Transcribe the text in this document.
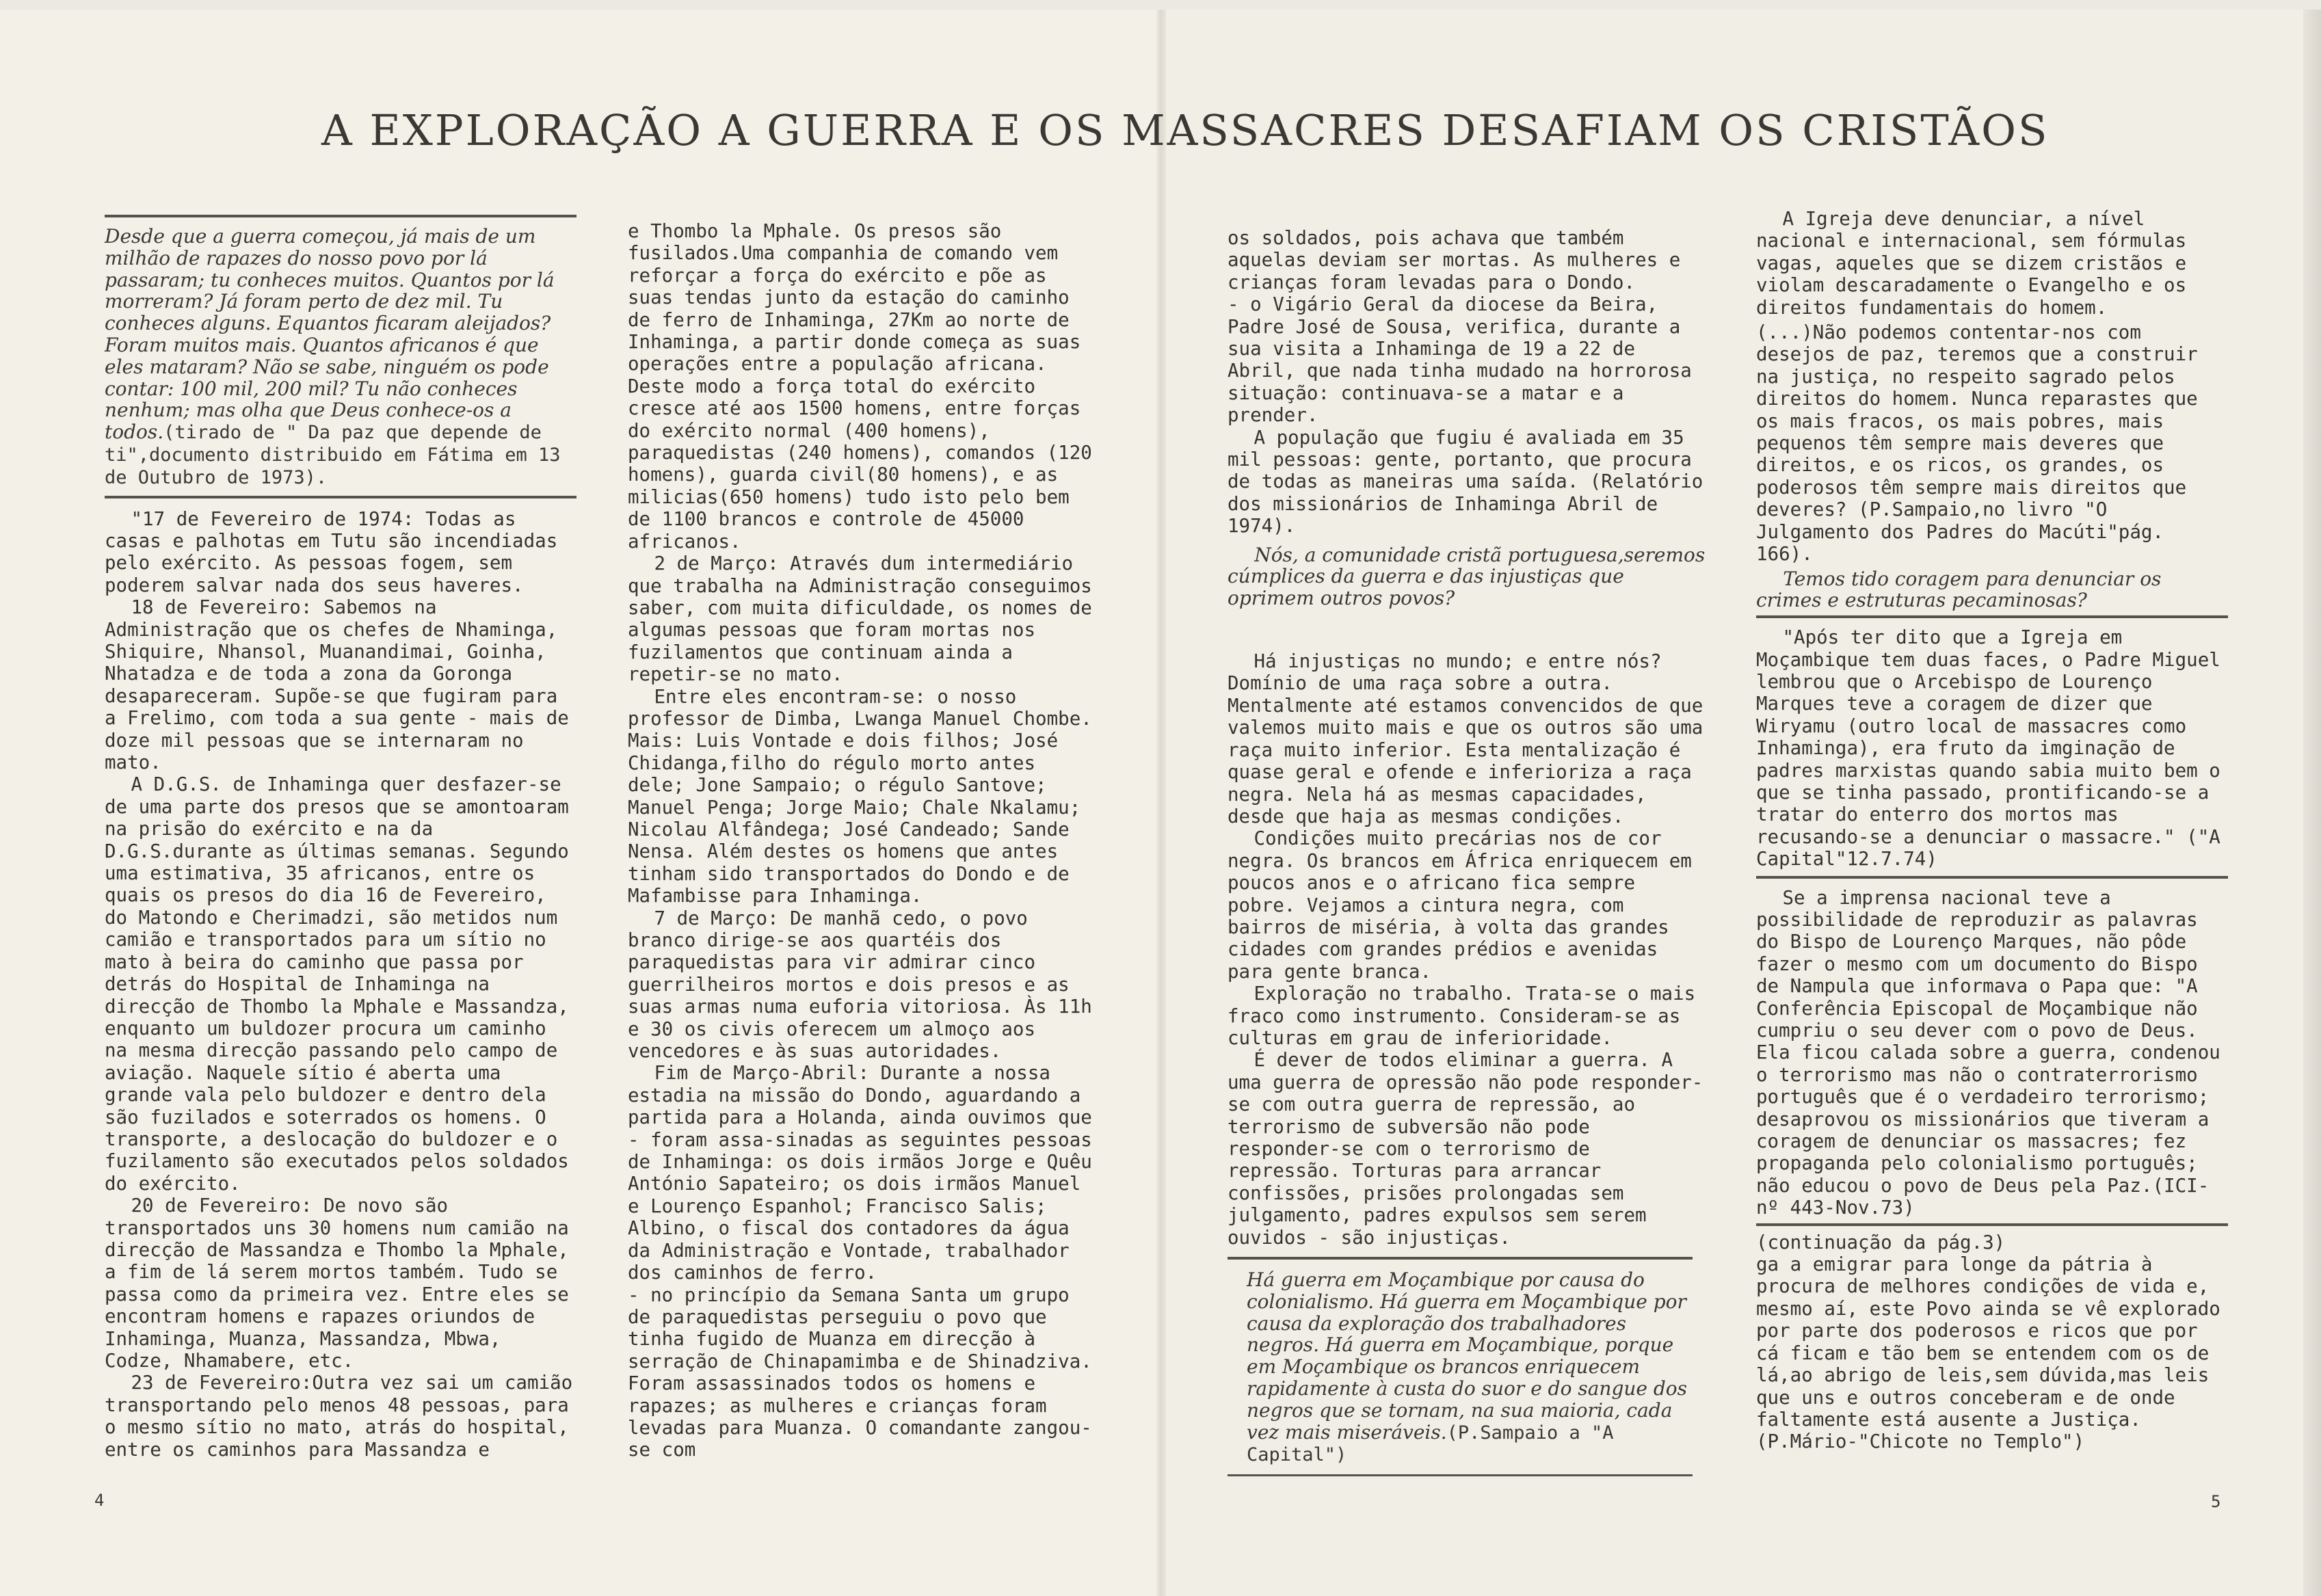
A EXPLORAÇÃO A GUERRA E OS MASSACRES DESAFIAM OS CRISTÃOS
Desde que a guerra começou, já mais de um milhão de rapazes do nosso povo por lá passaram; tu conheces muitos. Quantos por lá morreram? Já foram perto de dez mil. Tu conheces alguns. Equantos ficaram aleijados? Foram muitos mais. Quantos africanos é que eles mataram? Não se sabe, ninguém os pode contar: 100 mil, 200 mil? Tu não conheces nenhum; mas olha que Deus conhece-os a todos.(tirado de " Da paz que depende de ti",documento distribuido em Fátima em 13 de Outubro de 1973).

"17 de Fevereiro de 1974: Todas as casas e palhotas em Tutu são incendiadas pelo exército. As pessoas fogem, sem poderem salvar nada dos seus haveres.

18 de Fevereiro: Sabemos na Administração que os chefes de Nhaminga, Shiquire, Nhansol, Muanandimai, Goinha, Nhatadza e de toda a zona da Goronga desapareceram. Supõe-se que fugiram para a Frelimo, com toda a sua gente - mais de doze mil pessoas que se internaram no mato.

A D.G.S. de Inhaminga quer desfazer-se de uma parte dos presos que se amontoaram na prisão do exército e na da D.G.S.durante as últimas semanas. Segundo uma estimativa, 35 africanos, entre os quais os presos do dia 16 de Fevereiro, do Matondo e Cherimadzi, são metidos num camião e transportados para um sítio no mato à beira do caminho que passa por detrás do Hospital de Inhaminga na direcção de Thombo la Mphale e Massandza, enquanto um buldozer procura um caminho na mesma direcção passando pelo campo de aviação. Naquele sítio é aberta uma grande vala pelo buldozer e dentro dela são fuzilados e soterrados os homens. O transporte, a deslocação do buldozer e o fuzilamento são executados pelos soldados do exército.

20 de Fevereiro: De novo são transportados uns 30 homens num camião na direcção de Massandza e Thombo la Mphale, a fim de lá serem mortos também. Tudo se passa como da primeira vez. Entre eles se encontram homens e rapazes oriundos de Inhaminga, Muanza, Massandza, Mbwa, Codze, Nhamabere, etc.

23 de Fevereiro:Outra vez sai um camião transportando pelo menos 48 pessoas, para o mesmo sítio no mato, atrás do hospital, entre os caminhos para Massandza e

e Thombo la Mphale. Os presos são fusilados.Uma companhia de comando vem reforçar a força do exército e põe as suas tendas junto da estação do caminho de ferro de Inhaminga, 27Km ao norte de Inhaminga, a partir donde começa as suas operações entre a população africana. Deste modo a força total do exército cresce até aos 1500 homens, entre forças do exército normal (400 homens), paraquedistas (240 homens), comandos (120 homens), guarda civil(80 homens), e as milicias(650 homens) tudo isto pelo bem de 1100 brancos e controle de 45000 africanos.

2 de Março: Através dum intermediário que trabalha na Administração conseguimos saber, com muita dificuldade, os nomes de algumas pessoas que foram mortas nos fuzilamentos que continuam ainda a repetir-se no mato.

Entre eles encontram-se: o nosso professor de Dimba, Lwanga Manuel Chombe. Mais: Luis Vontade e dois filhos; José Chidanga,filho do régulo morto antes dele; Jone Sampaio; o régulo Santove; Manuel Penga; Jorge Maio; Chale Nkalamu; Nicolau Alfândega; José Candeado; Sande Nensa. Além destes os homens que antes tinham sido transportados do Dondo e de Mafambisse para Inhaminga.

7 de Março: De manhã cedo, o povo branco dirige-se aos quartéis dos paraquedistas para vir admirar cinco guerrilheiros mortos e dois presos e as suas armas numa euforia vitoriosa. Às 11h e 30 os civis oferecem um almoço aos vencedores e às suas autoridades.

Fim de Março-Abril: Durante a nossa estadia na missão do Dondo, aguardando a partida para a Holanda, ainda ouvimos que - foram assa-sinadas as seguintes pessoas de Inhaminga: os dois irmãos Jorge e Quêu António Sapateiro; os dois irmãos Manuel e Lourenço Espanhol; Francisco Salis; Albino, o fiscal dos contadores da água da Administração e Vontade, trabalhador dos caminhos de ferro.

- no princípio da Semana Santa um grupo de paraquedistas perseguiu o povo que tinha fugido de Muanza em direcção à serração de Chinapamimba e de Shinadziva. Foram assassinados todos os homens e rapazes; as mulheres e crianças foram levadas para Muanza. O comandante zangou-se com

os soldados, pois achava que também aquelas deviam ser mortas. As mulheres e crianças foram levadas para o Dondo.

- o Vigário Geral da diocese da Beira, Padre José de Sousa, verifica, durante a sua visita a Inhaminga de 19 a 22 de Abril, que nada tinha mudado na horrorosa situação: continuava-se a matar e a prender.

A população que fugiu é avaliada em 35 mil pessoas: gente, portanto, que procura de todas as maneiras uma saída. (Relatório dos missionários de Inhaminga Abril de 1974).

Nós, a comunidade cristã portuguesa,seremos cúmplices da guerra e das injustiças que oprimem outros povos?

Há injustiças no mundo; e entre nós? Domínio de uma raça sobre a outra. Mentalmente até estamos convencidos de que valemos muito mais e que os outros são uma raça muito inferior. Esta mentalização é quase geral e ofende e inferioriza a raça negra. Nela há as mesmas capacidades, desde que haja as mesmas condições.

Condições muito precárias nos de cor negra. Os brancos em África enriquecem em poucos anos e o africano fica sempre pobre. Vejamos a cintura negra, com bairros de miséria, à volta das grandes cidades com grandes prédios e avenidas para gente branca.

Exploração no trabalho. Trata-se o mais fraco como instrumento. Consideram-se as culturas em grau de inferioridade.

É dever de todos eliminar a guerra. A uma guerra de opressão não pode responder-se com outra guerra de repressão, ao terrorismo de subversão não pode responder-se com o terrorismo de repressão. Torturas para arrancar confissões, prisões prolongadas sem julgamento, padres expulsos sem serem ouvidos - são injustiças.

Há guerra em Moçambique por causa do colonialismo. Há guerra em Moçambique por causa da exploração dos trabalhadores negros. Há guerra em Moçambique, porque em Moçambique os brancos enriquecem rapidamente à custa do suor e do sangue dos negros que se tornam, na sua maioria, cada vez mais miseráveis.(P.Sampaio a "A Capital")

A Igreja deve denunciar, a nível nacional e internacional, sem fórmulas vagas, aqueles que se dizem cristãos e violam descaradamente o Evangelho e os direitos fundamentais do homem.

(...)Não podemos contentar-nos com desejos de paz, teremos que a construir na justiça, no respeito sagrado pelos direitos do homem. Nunca reparastes que os mais fracos, os mais pobres, mais pequenos têm sempre mais deveres que direitos, e os ricos, os grandes, os poderosos têm sempre mais direitos que deveres? (P.Sampaio,no livro "O Julgamento dos Padres do Macúti"pág. 166).

Temos tido coragem para denunciar os crimes e estruturas pecaminosas?

"Após ter dito que a Igreja em Moçambique tem duas faces, o Padre Miguel lembrou que o Arcebispo de Lourenço Marques teve a coragem de dizer que Wiryamu (outro local de massacres como Inhaminga), era fruto da imginação de padres marxistas quando sabia muito bem o que se tinha passado, prontificando-se a tratar do enterro dos mortos mas recusando-se a denunciar o massacre." ("A Capital"12.7.74)

Se a imprensa nacional teve a possibilidade de reproduzir as palavras do Bispo de Lourenço Marques, não pôde fazer o mesmo com um documento do Bispo de Nampula que informava o Papa que: "A Conferência Episcopal de Moçambique não cumpriu o seu dever com o povo de Deus. Ela ficou calada sobre a guerra, condenou o terrorismo mas não o contraterrorismo português que é o verdadeiro terrorismo; desaprovou os missionários que tiveram a coragem de denunciar os massacres; fez propaganda pelo colonialismo português; não educou o povo de Deus pela Paz.(ICI-nº 443-Nov.73)

(continuação da pág.3)

ga a emigrar para longe da pátria à procura de melhores condições de vida e, mesmo aí, este Povo ainda se vê explorado por parte dos poderosos e ricos que por cá ficam e tão bem se entendem com os de lá,ao abrigo de leis,sem dúvida,mas leis que uns e outros conceberam e de onde faltamente está ausente a Justiça.

(P.Mário-"Chicote no Templo")

4	5
